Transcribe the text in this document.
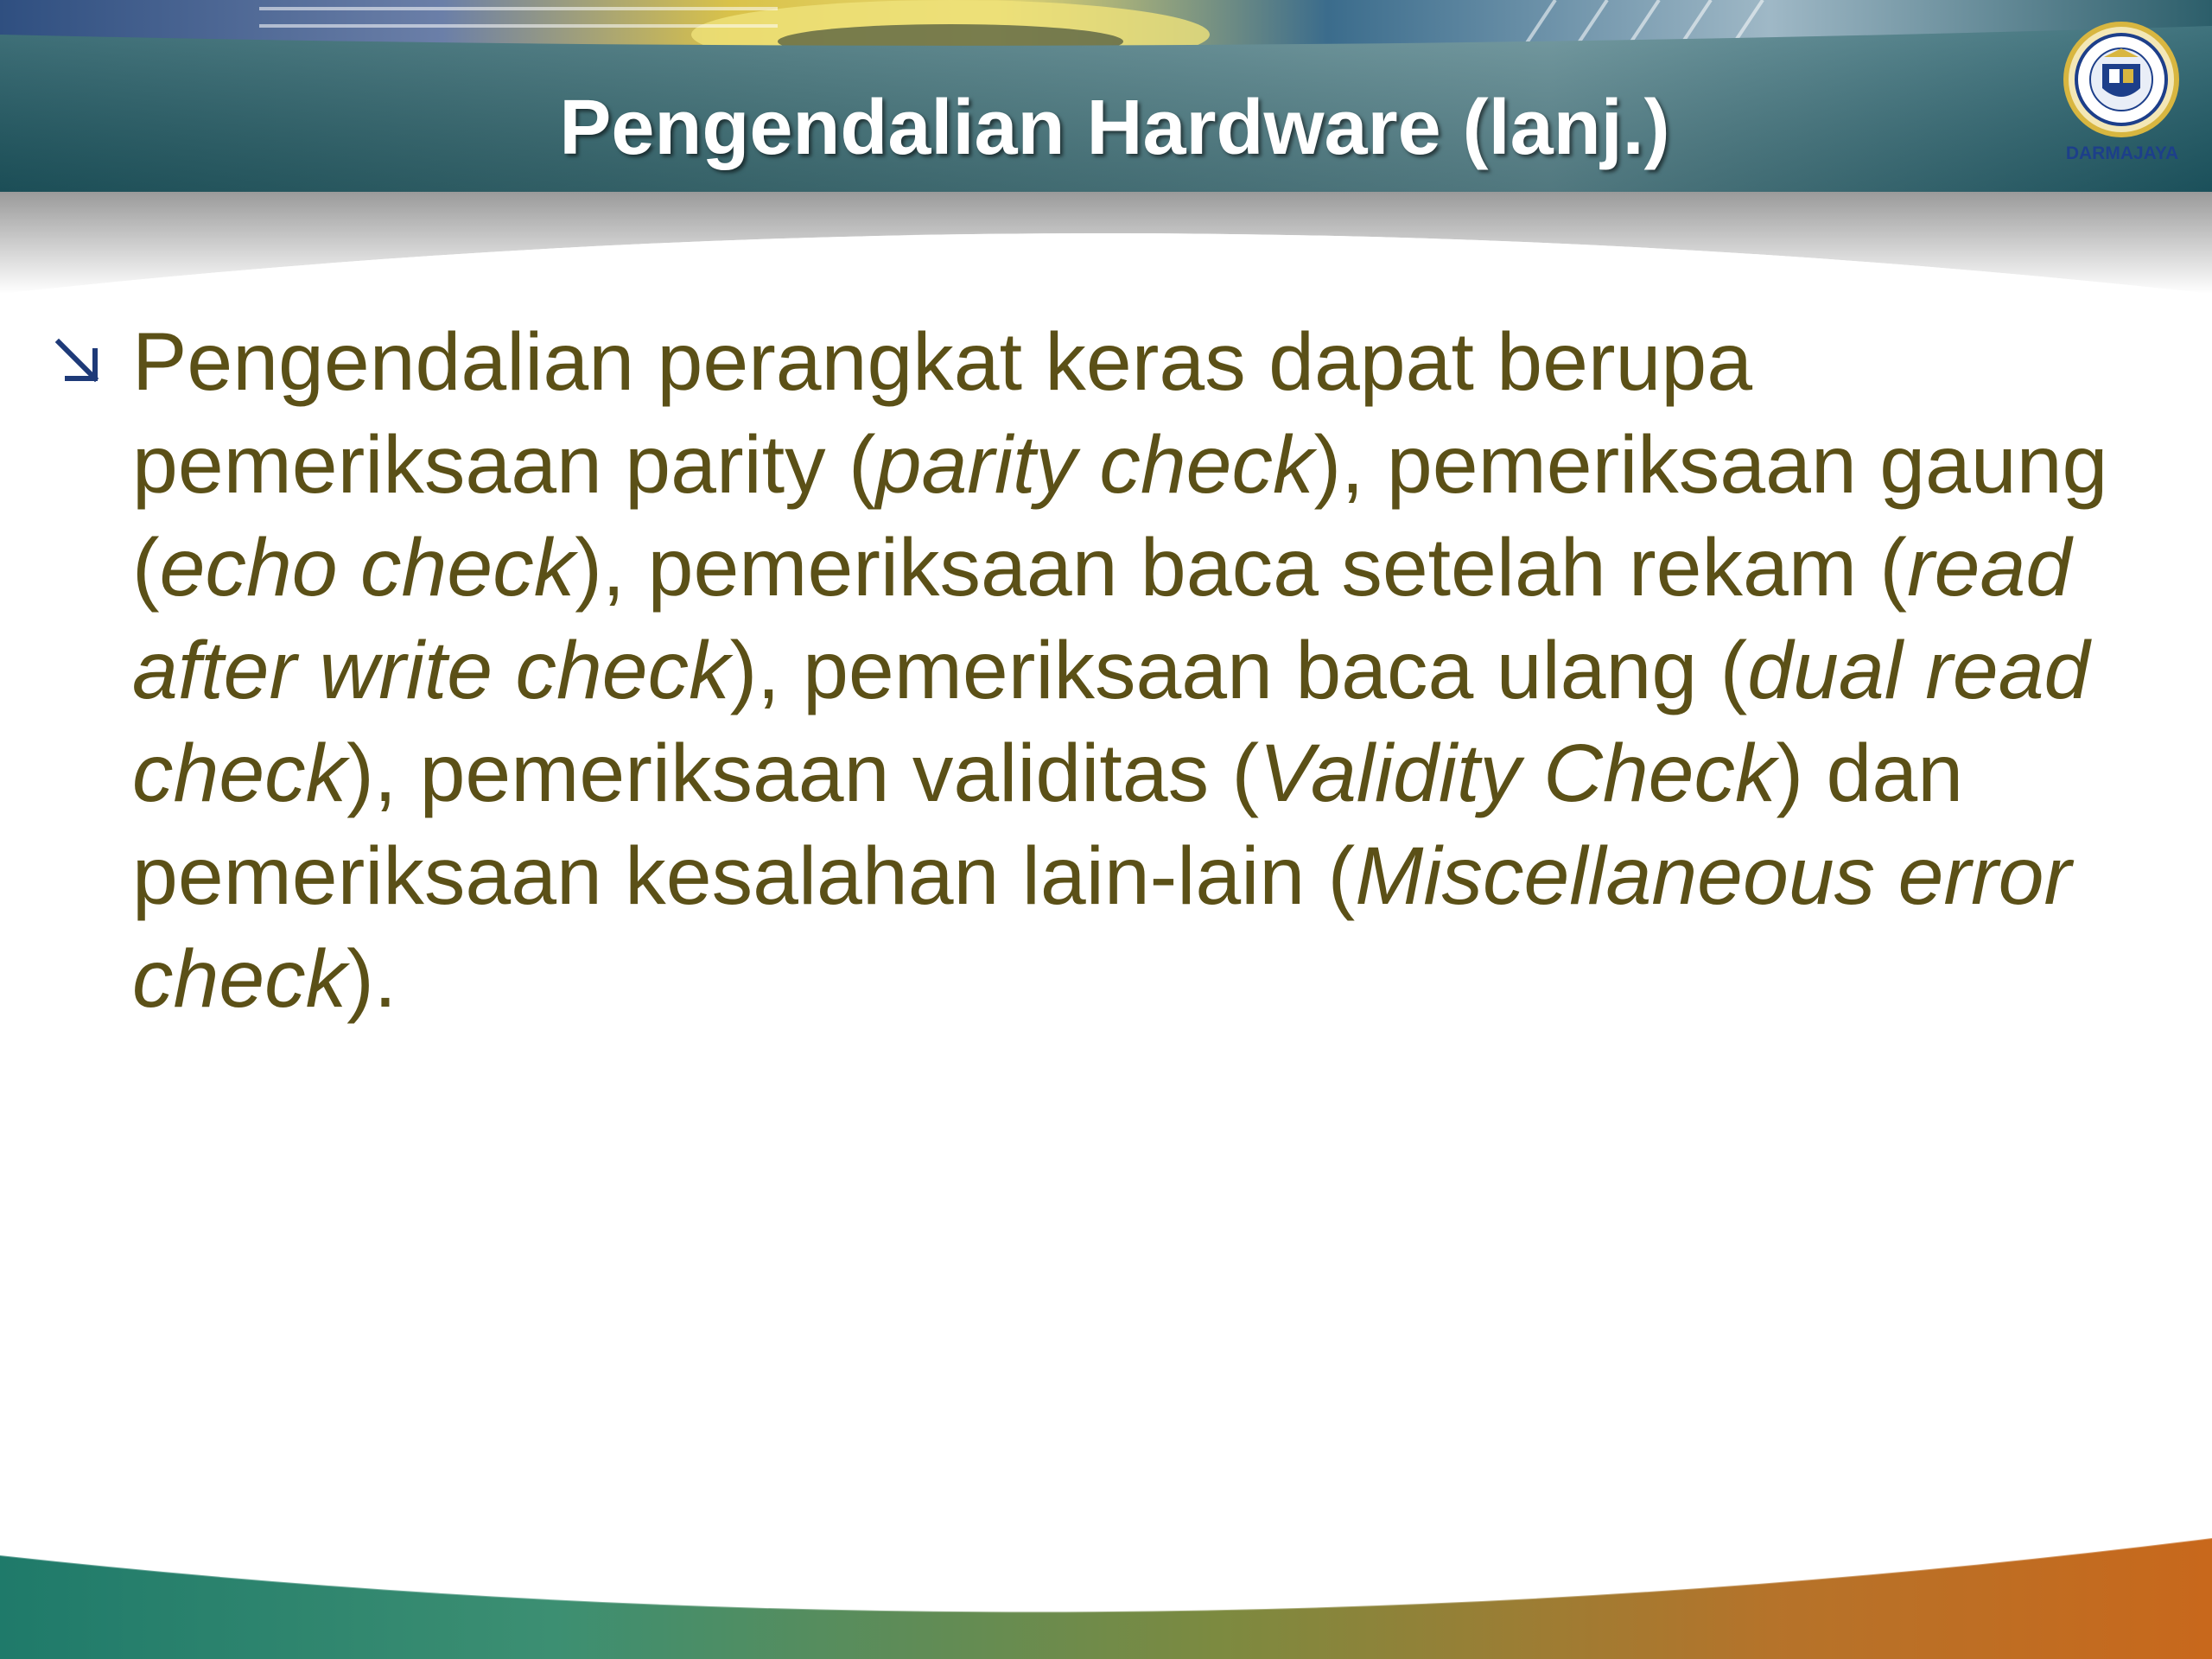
Pengendalian Hardware (lanj.)	DARMAJAYA
Pengendalian perangkat keras dapat berupa pemeriksaan parity (parity check), pemeriksaan gaung (echo check), pemeriksaan baca setelah rekam (read after write check), pemeriksaan baca ulang (dual read check), pemeriksaan validitas (Validity Check) dan pemeriksaan kesalahan lain-lain (Miscellaneous error check).
